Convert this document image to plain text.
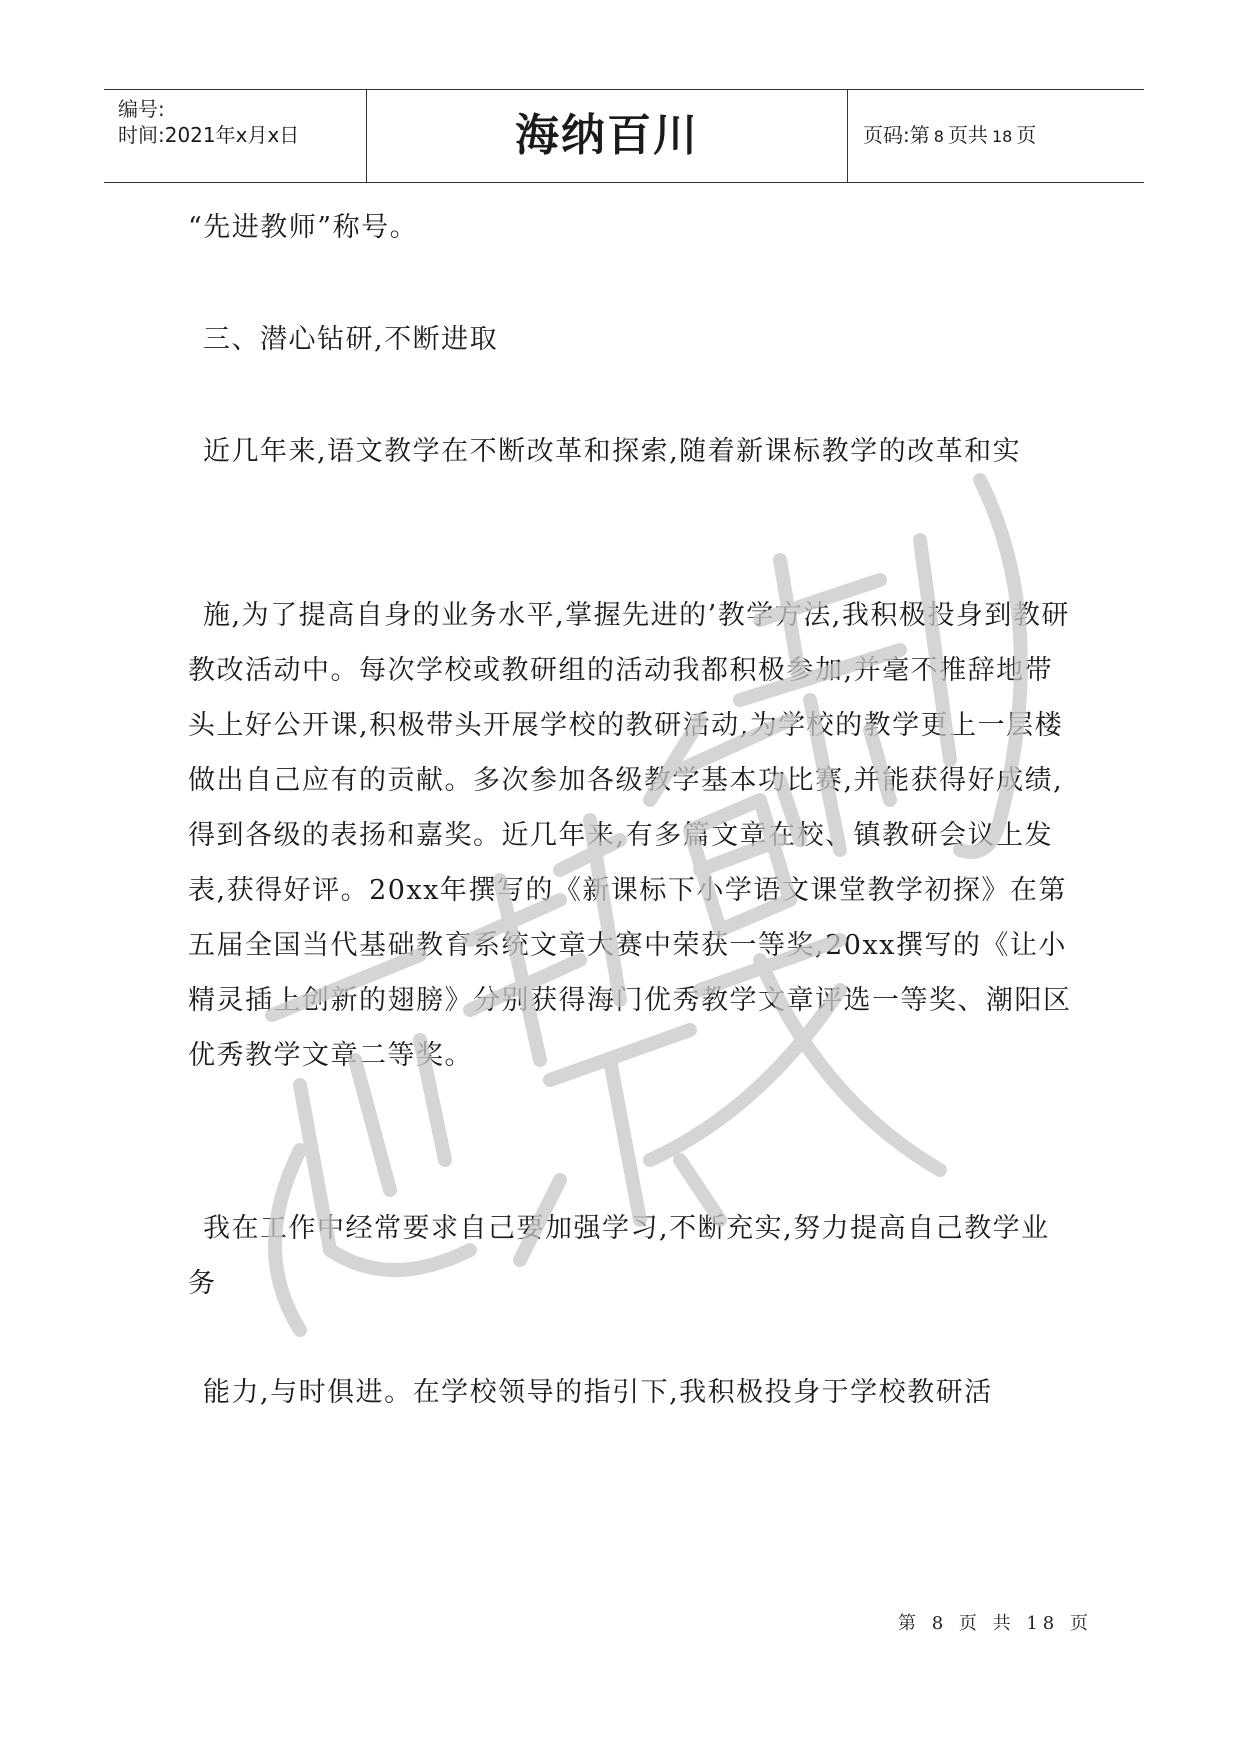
编号:
时间:2021年x月x日	海纳百川	页码:第 8 页共 18 页

“先进教师”称号。

三、潜心钻研,不断进取

近几年来,语文教学在不断改革和探索,随着新课标教学的改革和实

施,为了提高自身的业务水平,掌握先进的’教学方法,我积极投身到教研教改活动中。每次学校或教研组的活动我都积极参加,并毫不推辞地带头上好公开课,积极带头开展学校的教研活动,为学校的教学更上一层楼做出自己应有的贡献。多次参加各级教学基本功比赛,并能获得好成绩,得到各级的表扬和嘉奖。近几年来,有多篇文章在校、镇教研会议上发表,获得好评。20xx年撰写的《新课标下小学语文课堂教学初探》在第五届全国当代基础教育系统文章大赛中荣获一等奖,20xx撰写的《让小精灵插上创新的翅膀》分别获得海门优秀教学文章评选一等奖、潮阳区优秀教学文章二等奖。

我在工作中经常要求自己要加强学习,不断充实,努力提高自己教学业务

能力,与时俱进。在学校领导的指引下,我积极投身于学校教研活

第 8 页 共 18 页
